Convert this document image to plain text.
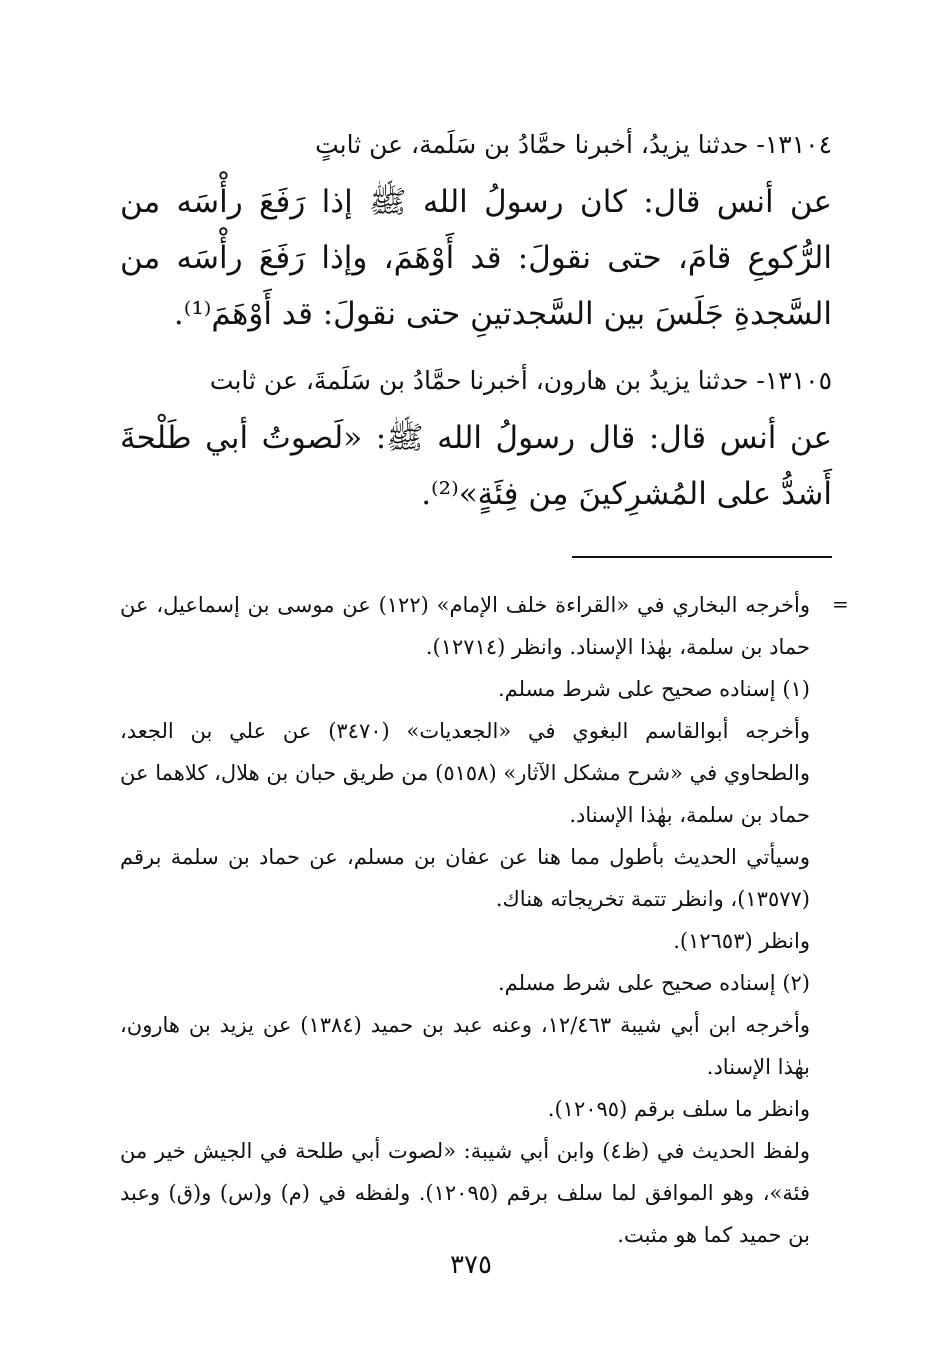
١٣١٠٤- حدثنا يزيدُ، أخبرنا حمَّادُ بن سَلَمة، عن ثابتٍ

عن أنس قال: كان رسولُ الله ﷺ إذا رَفَعَ رأْسَه من الرُّكوعِ قامَ، حتى نقولَ: قد أَوْهَمَ، وإذا رَفَعَ رأْسَه من السَّجدةِ جَلَسَ بين السَّجدتينِ حتى نقولَ: قد أَوْهَمَ⁽¹⁾.

١٣١٠٥- حدثنا يزيدُ بن هارون، أخبرنا حمَّادُ بن سَلَمةَ، عن ثابت

عن أنس قال: قال رسولُ الله ﷺ: «لَصوتُ أبي طَلْحةَ أَشدُّ على المُشرِكينَ مِن فِئَةٍ»⁽²⁾.

=

وأخرجه البخاري في «القراءة خلف الإمام» (١٢٢) عن موسى بن إسماعيل، عن حماد بن سلمة، بهٰذا الإسناد. وانظر (١٢٧١٤).

(١) إسناده صحيح على شرط مسلم.

وأخرجه أبوالقاسم البغوي في «الجعديات» (٣٤٧٠) عن علي بن الجعد، والطحاوي في «شرح مشكل الآثار» (٥١٥٨) من طريق حبان بن هلال، كلاهما عن حماد بن سلمة، بهٰذا الإسناد.

وسيأتي الحديث بأطول مما هنا عن عفان بن مسلم، عن حماد بن سلمة برقم (١٣٥٧٧)، وانظر تتمة تخريجاته هناك.

وانظر (١٢٦٥٣).

(٢) إسناده صحيح على شرط مسلم.

وأخرجه ابن أبي شيبة ١٢/٤٦٣، وعنه عبد بن حميد (١٣٨٤) عن يزيد بن هارون، بهٰذا الإسناد.

وانظر ما سلف برقم (١٢٠٩٥).

ولفظ الحديث في (ظ٤) وابن أبي شيبة: «لصوت أبي طلحة في الجيش خير من فئة»، وهو الموافق لما سلف برقم (١٢٠٩٥). ولفظه في (م) و(س) و(ق) وعبد بن حميد كما هو مثبت.

٣٧٥
